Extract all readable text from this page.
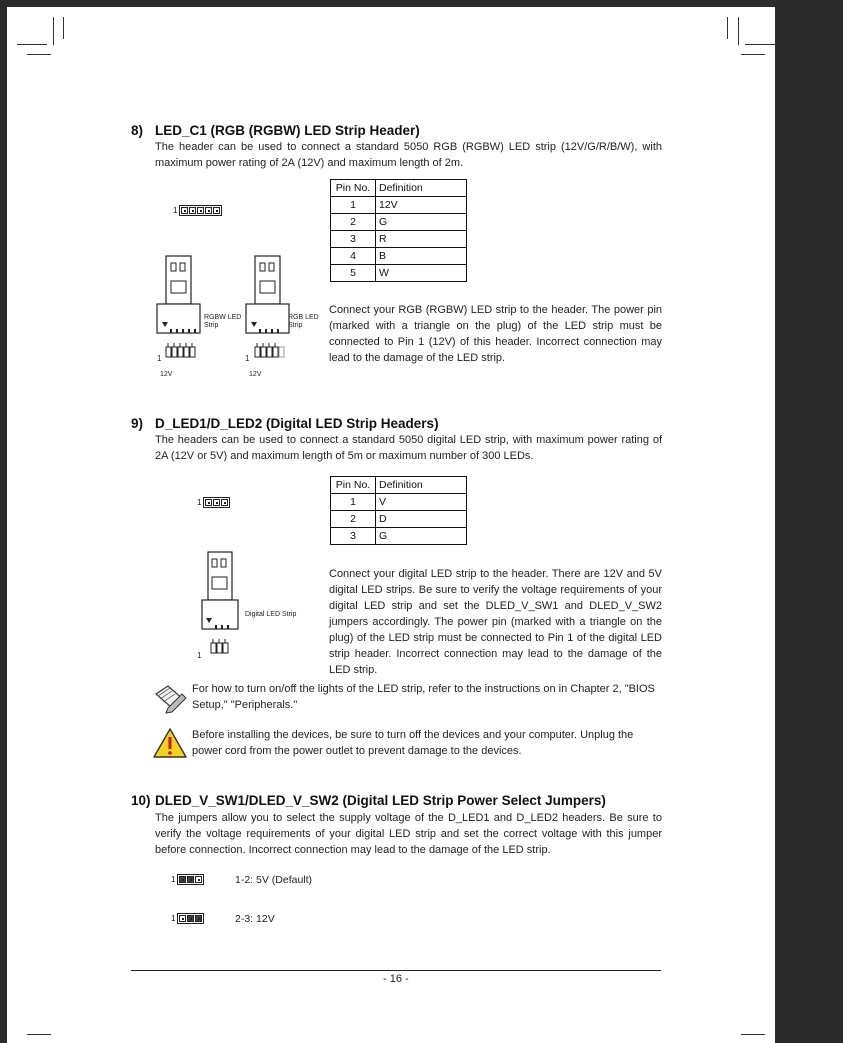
8) LED_C1 (RGB (RGBW) LED Strip Header)
The header can be used to connect a standard 5050 RGB (RGBW) LED strip (12V/G/R/B/W), with maximum power rating of 2A (12V) and maximum length of 2m.
Pin No.	Definition
1	12V
2	G
3	R
4	B
5	W
1
RGBW LED Strip
1
12V
RGB LED Strip
1
12V
Connect your RGB (RGBW) LED strip to the header. The power pin (marked with a triangle on the plug) of the LED strip must be connected to Pin 1 (12V) of this header. Incorrect connection may lead to the damage of the LED strip.
9) D_LED1/D_LED2 (Digital LED Strip Headers)
The headers can be used to connect a standard 5050 digital LED strip, with maximum power rating of 2A (12V or 5V) and maximum length of 5m or maximum number of 300 LEDs.
Pin No.	Definition
1	V
2	D
3	G
1
Digital LED Strip
1
Connect your digital LED strip to the header. There are 12V and 5V digital LED strips. Be sure to verify the voltage requirements of your digital LED strip and set the DLED_V_SW1 and DLED_V_SW2 jumpers accordingly. The power pin (marked with a triangle on the plug) of the LED strip must be connected to Pin 1 of the digital LED strip header. Incorrect connection may lead to the damage of the LED strip.
For how to turn on/off the lights of the LED strip, refer to the instructions on in Chapter 2, "BIOS Setup," "Peripherals."
Before installing the devices, be sure to turn off the devices and your computer. Unplug the power cord from the power outlet to prevent damage to the devices.
10) DLED_V_SW1/DLED_V_SW2 (Digital LED Strip Power Select Jumpers)
The jumpers allow you to select the supply voltage of the D_LED1 and D_LED2 headers. Be sure to verify the voltage requirements of your digital LED strip and set the correct voltage with this jumper before connection. Incorrect connection may lead to the damage of the LED strip.
1	1-2: 5V (Default)
1	2-3: 12V
- 16 -
